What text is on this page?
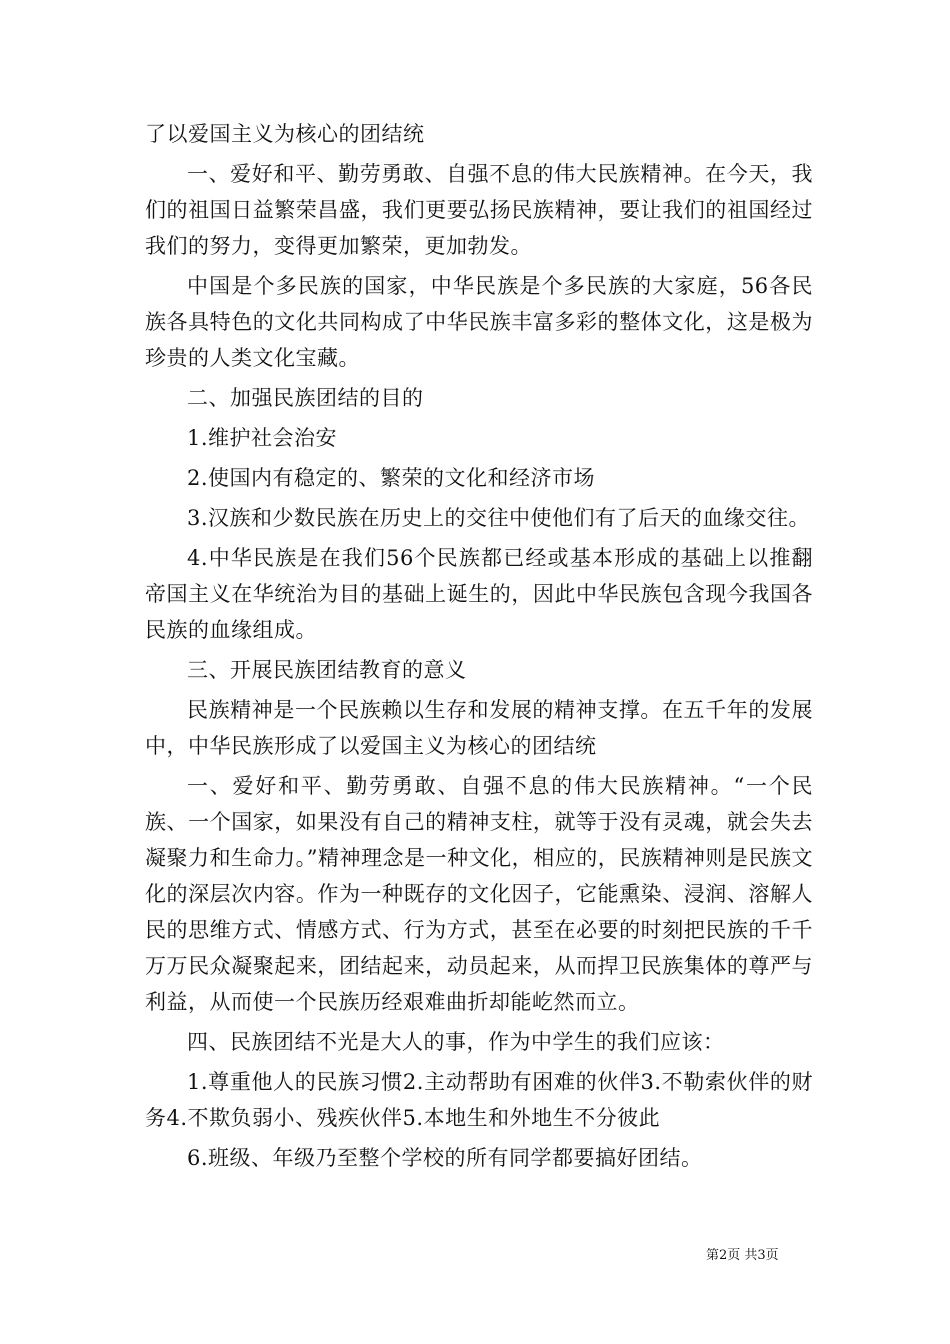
了以爱国主义为核心的团结统

一、爱好和平、勤劳勇敢、自强不息的伟大民族精神。在今天，我们的祖国日益繁荣昌盛，我们更要弘扬民族精神，要让我们的祖国经过我们的努力，变得更加繁荣，更加勃发。

中国是个多民族的国家，中华民族是个多民族的大家庭，56各民族各具特色的文化共同构成了中华民族丰富多彩的整体文化，这是极为珍贵的人类文化宝藏。

二、加强民族团结的目的

1.维护社会治安

2.使国内有稳定的、繁荣的文化和经济市场

3.汉族和少数民族在历史上的交往中使他们有了后天的血缘交往。

4.中华民族是在我们56个民族都已经或基本形成的基础上以推翻帝国主义在华统治为目的基础上诞生的，因此中华民族包含现今我国各民族的血缘组成。

三、开展民族团结教育的意义

民族精神是一个民族赖以生存和发展的精神支撑。在五千年的发展中，中华民族形成了以爱国主义为核心的团结统

一、爱好和平、勤劳勇敢、自强不息的伟大民族精神。“一个民族、一个国家，如果没有自己的精神支柱，就等于没有灵魂，就会失去凝聚力和生命力。”精神理念是一种文化，相应的，民族精神则是民族文化的深层次内容。作为一种既存的文化因子，它能熏染、浸润、溶解人民的思维方式、情感方式、行为方式，甚至在必要的时刻把民族的千千万万民众凝聚起来，团结起来，动员起来，从而捍卫民族集体的尊严与利益，从而使一个民族历经艰难曲折却能屹然而立。

四、民族团结不光是大人的事，作为中学生的我们应该：

1.尊重他人的民族习惯2.主动帮助有困难的伙伴3.不勒索伙伴的财务4.不欺负弱小、残疾伙伴5.本地生和外地生不分彼此

6.班级、年级乃至整个学校的所有同学都要搞好团结。

第2页 共3页
